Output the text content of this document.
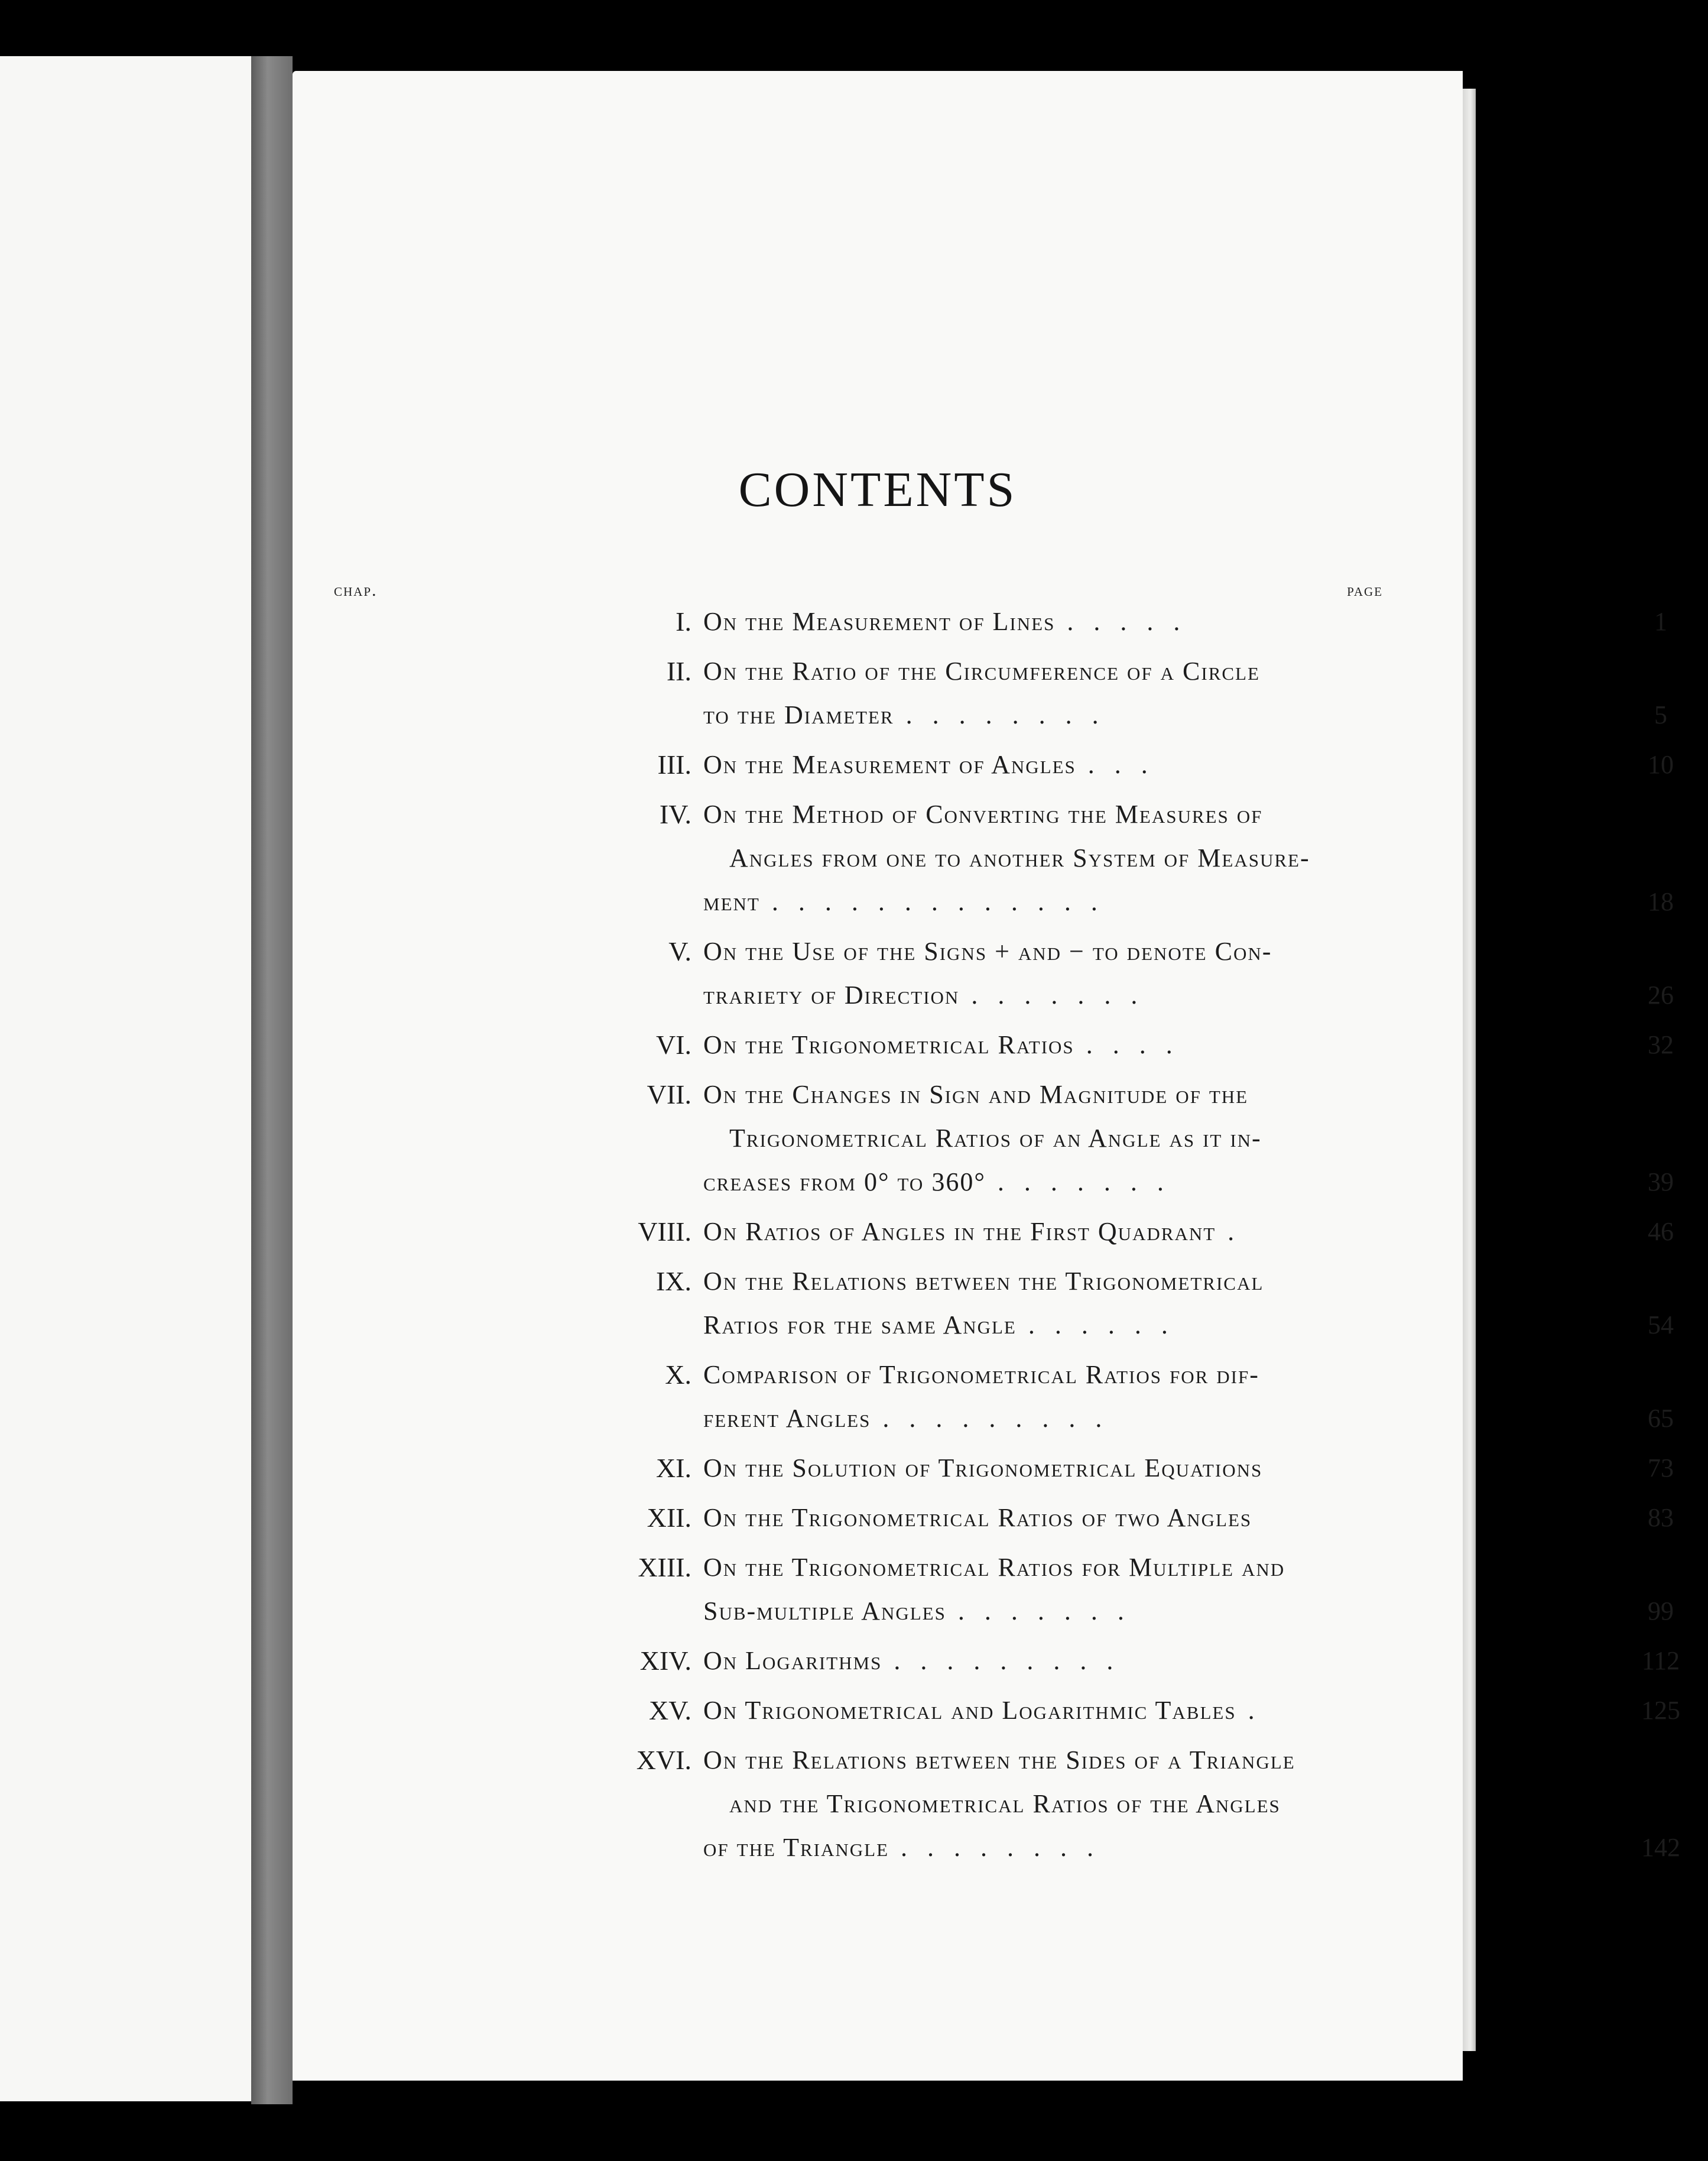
CONTENTS
chap.	page
I. On the Measurement of Lines .....	1
II. On the Ratio of the Circumference of a Circle
to the Diameter ........	5
III. On the Measurement of Angles ...	10
IV. On the Method of Converting the Measures of
Angles from one to another System of Measure-
ment .............	18
V. On the Use of the Signs + and − to denote Con-
trariety of Direction .......	26
VI. On the Trigonometrical Ratios ....	32
VII. On the Changes in Sign and Magnitude of the
Trigonometrical Ratios of an Angle as it in-
creases from 0° to 360° .......	39
VIII. On Ratios of Angles in the First Quadrant .	46
IX. On the Relations between the Trigonometrical
Ratios for the same Angle ......	54
X. Comparison of Trigonometrical Ratios for dif-
ferent Angles .........	65
XI. On the Solution of Trigonometrical Equations	73
XII. On the Trigonometrical Ratios of two Angles	83
XIII. On the Trigonometrical Ratios for Multiple and
Sub-multiple Angles .......	99
XIV. On Logarithms .........	112
XV. On Trigonometrical and Logarithmic Tables .	125
XVI. On the Relations between the Sides of a Triangle
and the Trigonometrical Ratios of the Angles
of the Triangle ........	142
